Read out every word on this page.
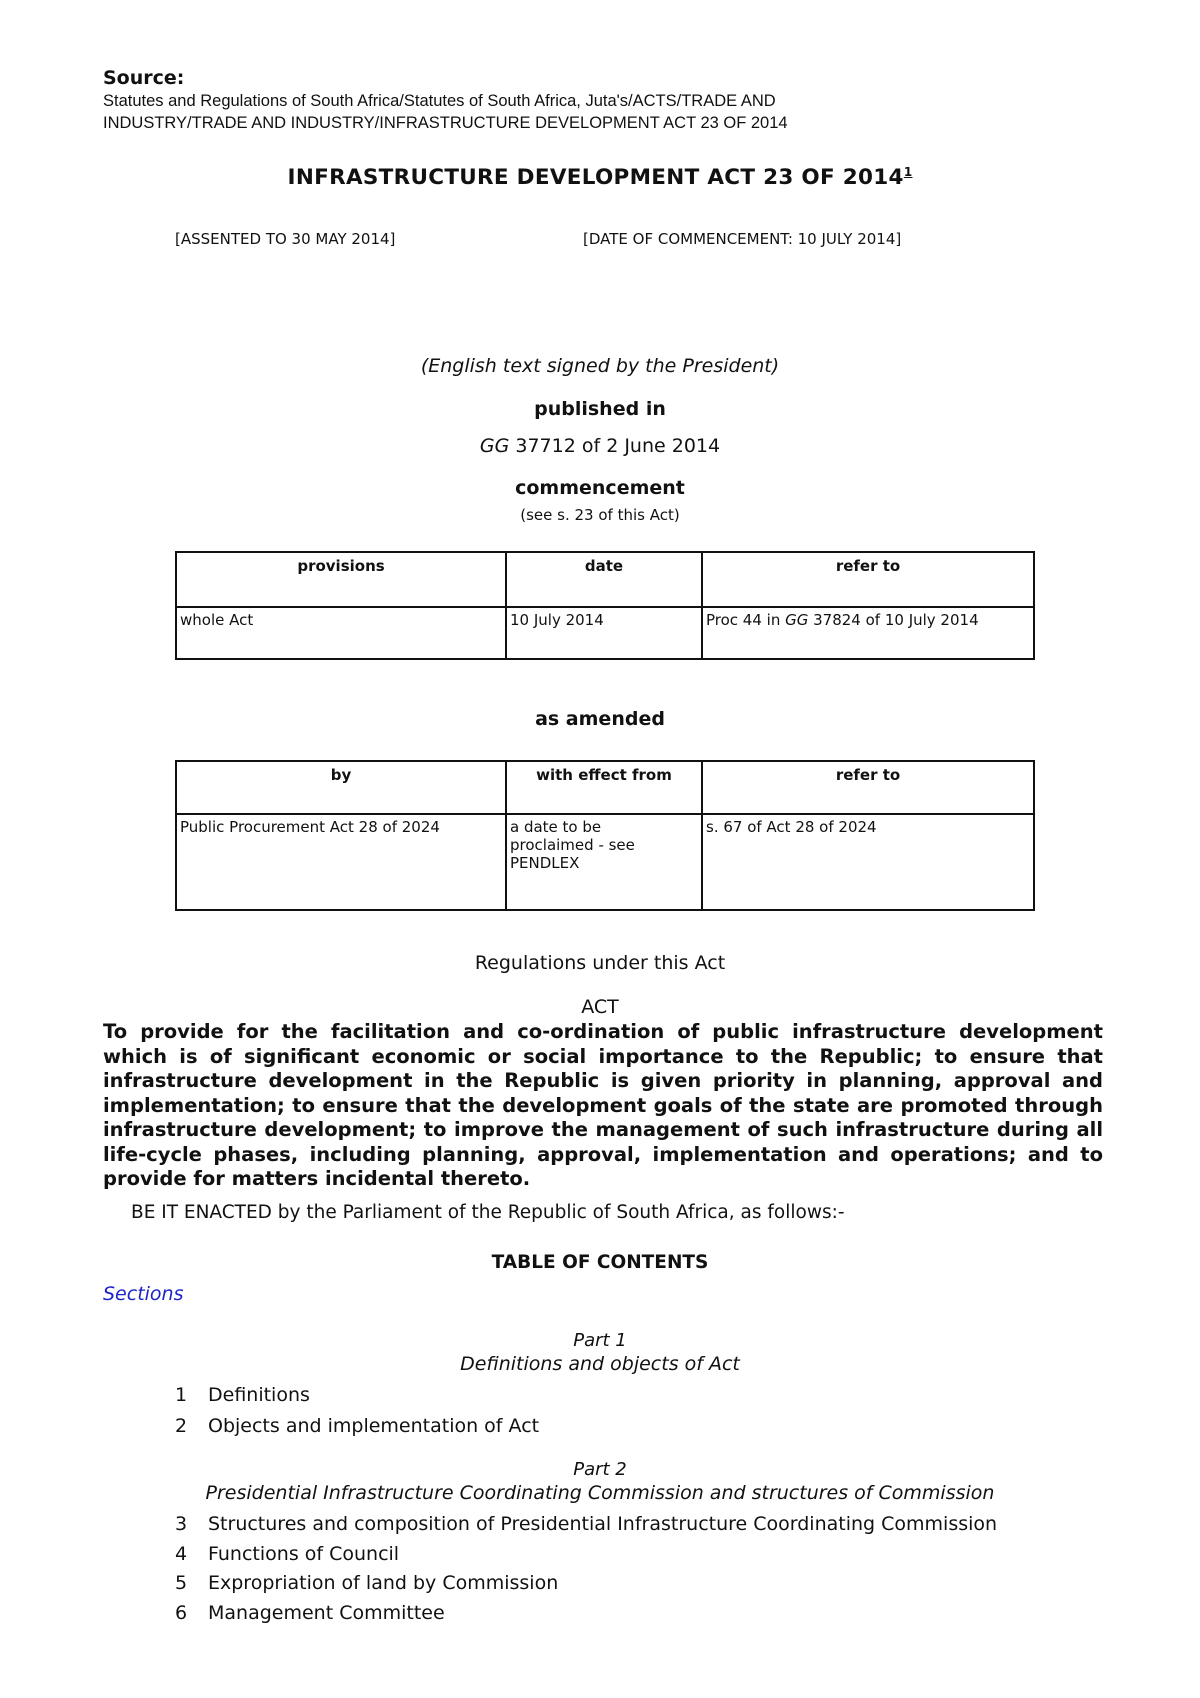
Source:
Statutes and Regulations of South Africa/Statutes of South Africa, Juta's/ACTS/TRADE AND
INDUSTRY/TRADE AND INDUSTRY/INFRASTRUCTURE DEVELOPMENT ACT 23 OF 2014
INFRASTRUCTURE DEVELOPMENT ACT 23 OF 2014$^1$
[ASSENTED TO 30 MAY 2014]	[DATE OF COMMENCEMENT: 10 JULY 2014]
(English text signed by the President)
published in
GG 37712 of 2 June 2014
commencement
(see s. 23 of this Act)
provisions	date	refer to
whole Act	10 July 2014	Proc 44 in GG 37824 of 10 July 2014
as amended
by	with effect from	refer to
Public Procurement Act 28 of 2024	a date to be
proclaimed - see
PENDLEX	s. 67 of Act 28 of 2024
Regulations under this Act
ACT
To provide for the facilitation and co-ordination of public infrastructure development which is of significant economic or social importance to the Republic; to ensure that infrastructure development in the Republic is given priority in planning, approval and implementation; to ensure that the development goals of the state are promoted through infrastructure development; to improve the management of such infrastructure during all life-cycle phases, including planning, approval, implementation and operations; and to provide for matters incidental thereto.
BE IT ENACTED by the Parliament of the Republic of South Africa, as follows:-
TABLE OF CONTENTS
Sections
Part 1
Definitions and objects of Act
1 Definitions
2 Objects and implementation of Act
Part 2
Presidential Infrastructure Coordinating Commission and structures of Commission
3 Structures and composition of Presidential Infrastructure Coordinating Commission
4 Functions of Council
5 Expropriation of land by Commission
6 Management Committee
